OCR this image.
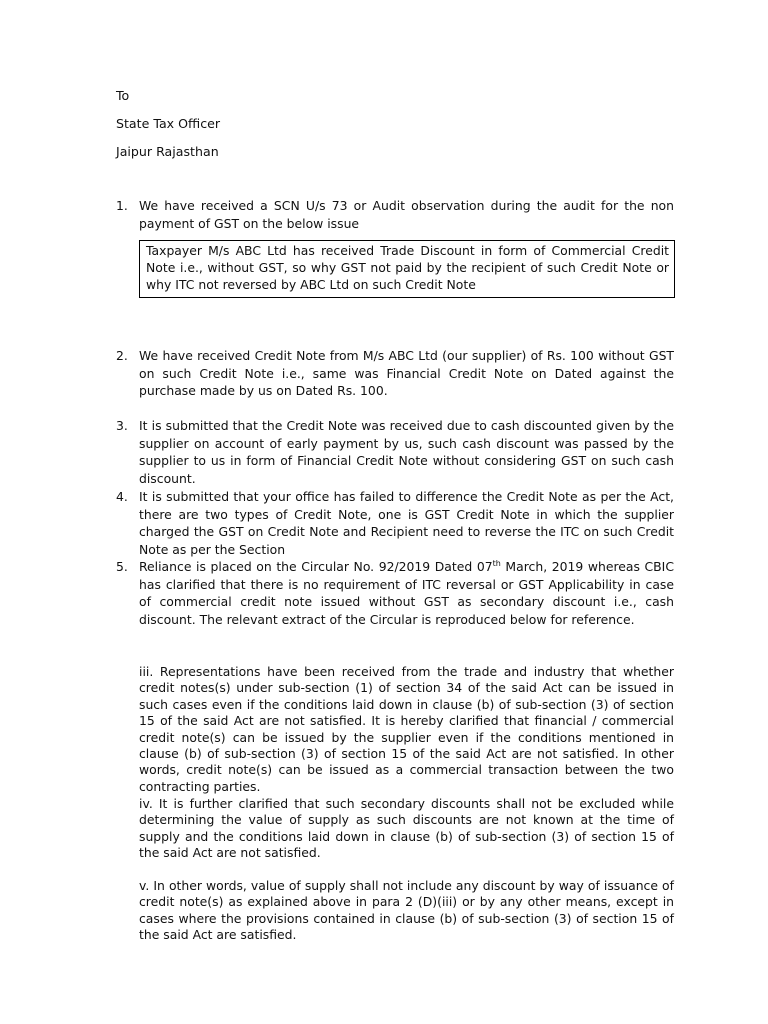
To
State Tax Officer
Jaipur Rajasthan
1. We have received a SCN U/s 73 or Audit observation during the audit for the non payment of GST on the below issue
Taxpayer M/s ABC Ltd has received Trade Discount in form of Commercial Credit Note i.e., without GST, so why GST not paid by the recipient of such Credit Note or why ITC not reversed by ABC Ltd on such Credit Note
2. We have received Credit Note from M/s ABC Ltd (our supplier) of Rs. 100 without GST on such Credit Note i.e., same was Financial Credit Note on Dated against the purchase made by us on Dated Rs. 100.
3. It is submitted that the Credit Note was received due to cash discounted given by the supplier on account of early payment by us, such cash discount was passed by the supplier to us in form of Financial Credit Note without considering GST on such cash discount.
4. It is submitted that your office has failed to difference the Credit Note as per the Act, there are two types of Credit Note, one is GST Credit Note in which the supplier charged the GST on Credit Note and Recipient need to reverse the ITC on such Credit Note as per the Section
5. Reliance is placed on the Circular No. 92/2019 Dated 07th March, 2019 whereas CBIC has clarified that there is no requirement of ITC reversal or GST Applicability in case of commercial credit note issued without GST as secondary discount i.e., cash discount. The relevant extract of the Circular is reproduced below for reference.
iii. Representations have been received from the trade and industry that whether credit notes(s) under sub-section (1) of section 34 of the said Act can be issued in such cases even if the conditions laid down in clause (b) of sub-section (3) of section 15 of the said Act are not satisfied. It is hereby clarified that financial / commercial credit note(s) can be issued by the supplier even if the conditions mentioned in clause (b) of sub-section (3) of section 15 of the said Act are not satisfied. In other words, credit note(s) can be issued as a commercial transaction between the two contracting parties.
iv. It is further clarified that such secondary discounts shall not be excluded while determining the value of supply as such discounts are not known at the time of supply and the conditions laid down in clause (b) of sub-section (3) of section 15 of the said Act are not satisfied.
v. In other words, value of supply shall not include any discount by way of issuance of credit note(s) as explained above in para 2 (D)(iii) or by any other means, except in cases where the provisions contained in clause (b) of sub-section (3) of section 15 of the said Act are satisfied.
